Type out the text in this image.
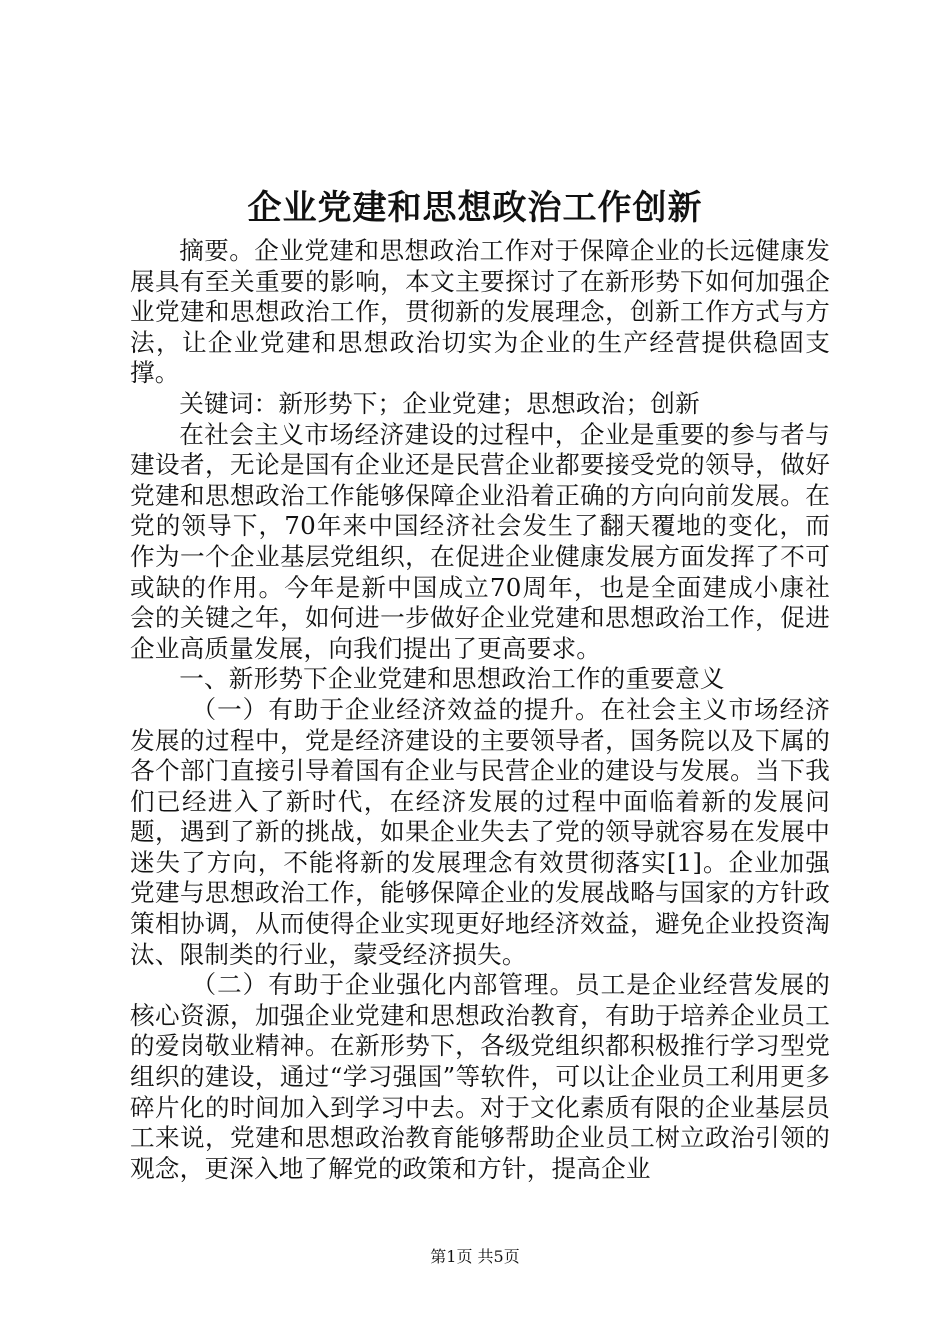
企业党建和思想政治工作创新

摘要。企业党建和思想政治工作对于保障企业的长远健康发展具有至关重要的影响，本文主要探讨了在新形势下如何加强企业党建和思想政治工作，贯彻新的发展理念，创新工作方式与方法，让企业党建和思想政治切实为企业的生产经营提供稳固支撑。

关键词：新形势下；企业党建；思想政治；创新

在社会主义市场经济建设的过程中，企业是重要的参与者与建设者，无论是国有企业还是民营企业都要接受党的领导，做好党建和思想政治工作能够保障企业沿着正确的方向向前发展。在党的领导下，70年来中国经济社会发生了翻天覆地的变化，而作为一个企业基层党组织，在促进企业健康发展方面发挥了不可或缺的作用。今年是新中国成立70周年，也是全面建成小康社会的关键之年，如何进一步做好企业党建和思想政治工作，促进企业高质量发展，向我们提出了更高要求。

一、新形势下企业党建和思想政治工作的重要意义

（一）有助于企业经济效益的提升。在社会主义市场经济发展的过程中，党是经济建设的主要领导者，国务院以及下属的各个部门直接引导着国有企业与民营企业的建设与发展。当下我们已经进入了新时代，在经济发展的过程中面临着新的发展问题，遇到了新的挑战，如果企业失去了党的领导就容易在发展中迷失了方向，不能将新的发展理念有效贯彻落实[1]。企业加强党建与思想政治工作，能够保障企业的发展战略与国家的方针政策相协调，从而使得企业实现更好地经济效益，避免企业投资淘汰、限制类的行业，蒙受经济损失。

（二）有助于企业强化内部管理。员工是企业经营发展的核心资源，加强企业党建和思想政治教育，有助于培养企业员工的爱岗敬业精神。在新形势下，各级党组织都积极推行学习型党组织的建设，通过“学习强国”等软件，可以让企业员工利用更多碎片化的时间加入到学习中去。对于文化素质有限的企业基层员工来说，党建和思想政治教育能够帮助企业员工树立政治引领的观念，更深入地了解党的政策和方针，提高企业

第1页 共5页
